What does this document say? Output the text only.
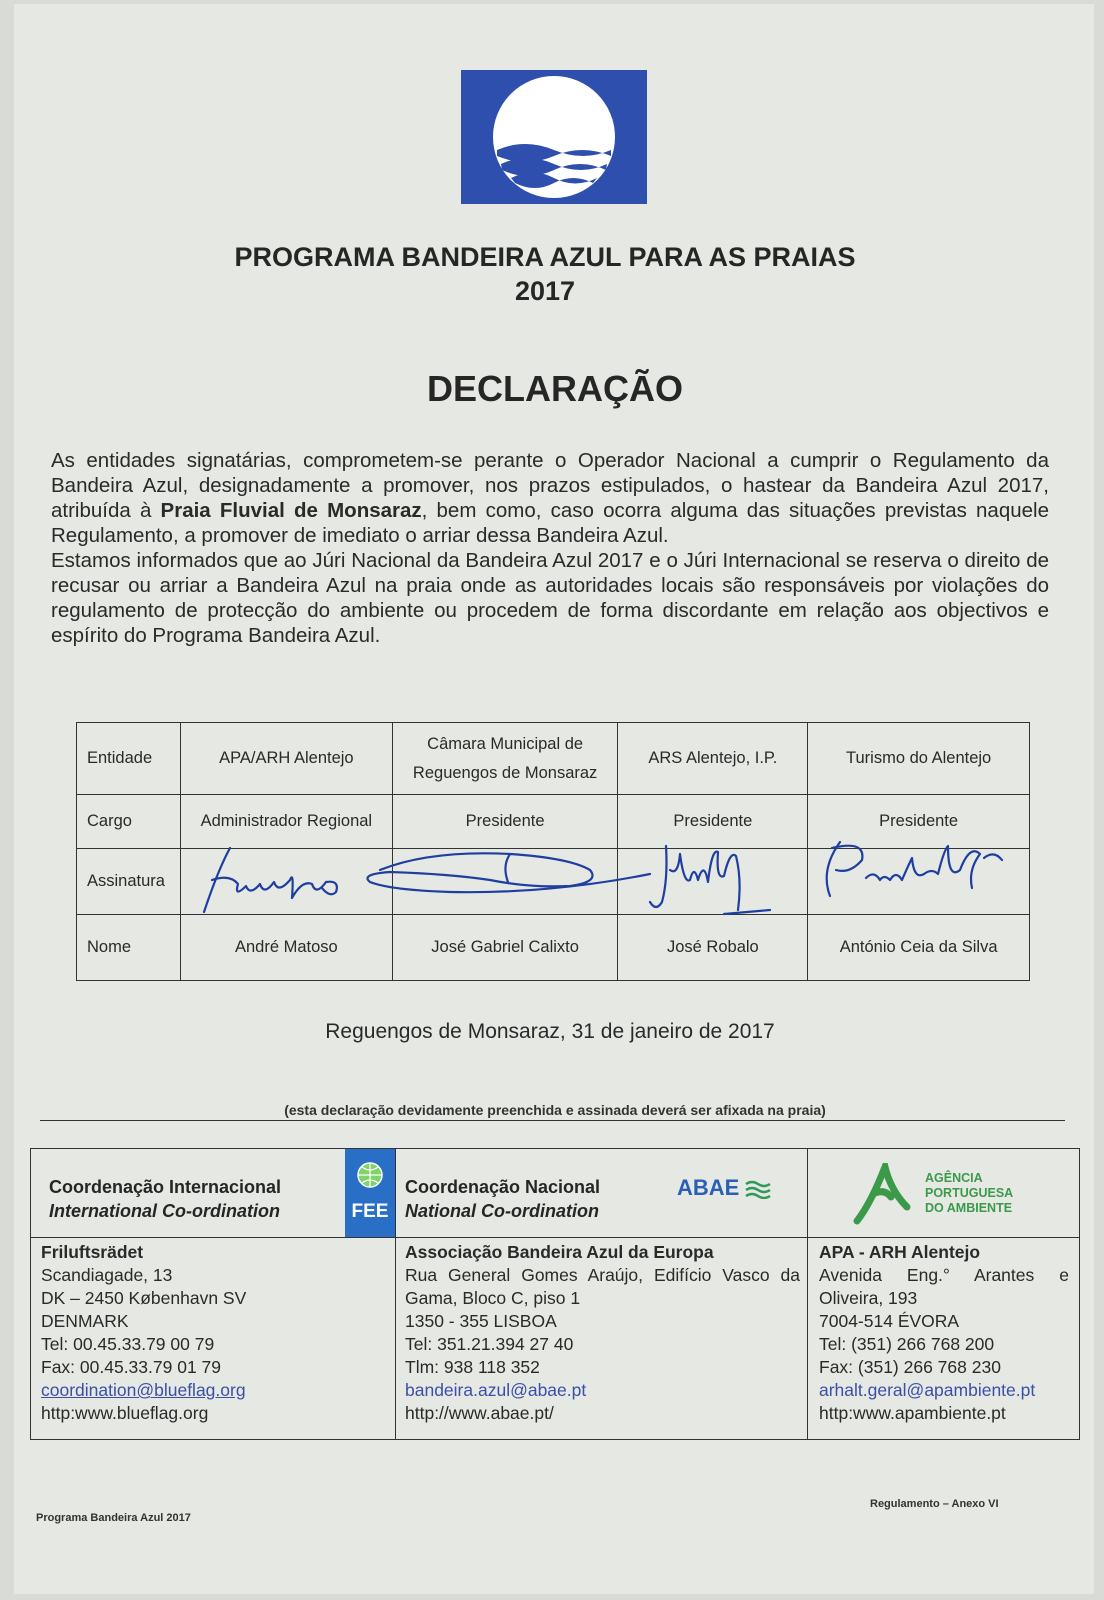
PROGRAMA BANDEIRA AZUL PARA AS PRAIAS
2017
DECLARAÇÃO

As entidades signatárias, comprometem-se perante o Operador Nacional a cumprir o Regulamento da Bandeira Azul, designadamente a promover, nos prazos estipulados, o hastear da Bandeira Azul 2017, atribuída à Praia Fluvial de Monsaraz, bem como, caso ocorra alguma das situações previstas naquele Regulamento, a promover de imediato o arriar dessa Bandeira Azul.

Estamos informados que ao Júri Nacional da Bandeira Azul 2017 e o Júri Internacional se reserva o direito de recusar ou arriar a Bandeira Azul na praia onde as autoridades locais são responsáveis por violações do regulamento de protecção do ambiente ou procedem de forma discordante em relação aos objectivos e espírito do Programa Bandeira Azul.

Entidade	APA/ARH Alentejo	Câmara Municipal de Reguengos de Monsaraz	ARS Alentejo, I.P.	Turismo do Alentejo
Cargo	Administrador Regional	Presidente	Presidente	Presidente
Assinatura				
Nome	André Matoso	José Gabriel Calixto	José Robalo	António Ceia da Silva
Reguengos de Monsaraz, 31 de janeiro de 2017
(esta declaração devidamente preenchida e assinada deverá ser afixada na praia)
Coordenação Internacional
International Co-ordination	FEE
Friluftsrädet
Scandiagade, 13
DK – 2450 København SV
DENMARK
Tel: 00.45.33.79 00 79
Fax: 00.45.33.79 01 79
coordination@blueflag.org
http:www.blueflag.org
Coordenação Nacional
National Co-ordination
ABAE
Associação Bandeira Azul da Europa
Rua General Gomes Araújo, Edifício Vasco da Gama, Bloco C, piso 1
1350 - 355 LISBOA
Tel: 351.21.394 27 40
Tlm: 938 118 352
bandeira.azul@abae.pt
http://www.abae.pt/
AGÊNCIA
PORTUGUESA
DO AMBIENTE
APA - ARH Alentejo
Avenida Eng.° Arantes e Oliveira, 193
7004-514 ÉVORA
Tel: (351) 266 768 200
Fax: (351) 266 768 230
arhalt.geral@apambiente.pt
http:www.apambiente.pt
Programa Bandeira Azul 2017
Regulamento – Anexo VI
